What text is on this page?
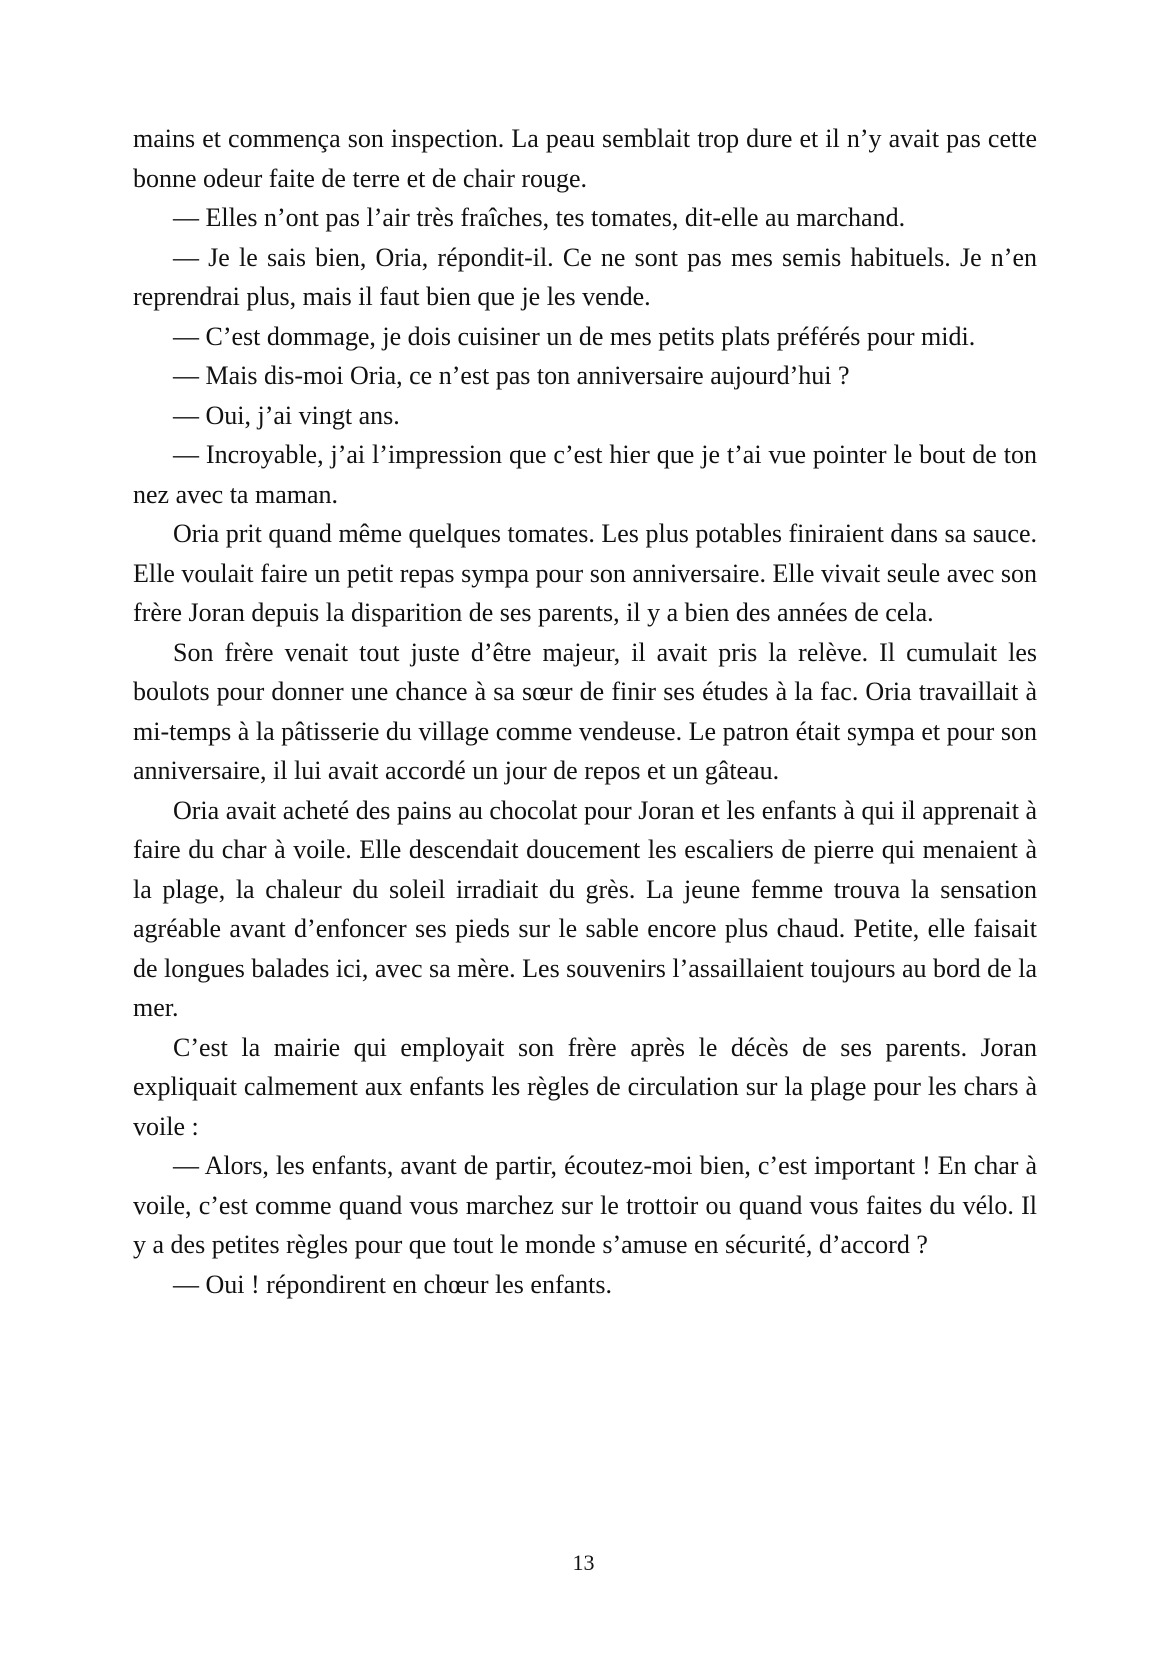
mains et commença son inspection. La peau semblait trop dure et il n’y avait pas cette bonne odeur faite de terre et de chair rouge.

— Elles n’ont pas l’air très fraîches, tes tomates, dit-elle au marchand.

— Je le sais bien, Oria, répondit-il. Ce ne sont pas mes semis habituels. Je n’en reprendrai plus, mais il faut bien que je les vende.

— C’est dommage, je dois cuisiner un de mes petits plats préférés pour midi.

— Mais dis-moi Oria, ce n’est pas ton anniversaire aujourd’hui ?

— Oui, j’ai vingt ans.

— Incroyable, j’ai l’impression que c’est hier que je t’ai vue pointer le bout de ton nez avec ta maman.

Oria prit quand même quelques tomates. Les plus potables finiraient dans sa sauce. Elle voulait faire un petit repas sympa pour son anniversaire. Elle vivait seule avec son frère Joran depuis la disparition de ses parents, il y a bien des années de cela.

Son frère venait tout juste d’être majeur, il avait pris la relève. Il cumulait les boulots pour donner une chance à sa sœur de finir ses études à la fac. Oria travaillait à mi-temps à la pâtisserie du village comme vendeuse. Le patron était sympa et pour son anniversaire, il lui avait accordé un jour de repos et un gâteau.

Oria avait acheté des pains au chocolat pour Joran et les enfants à qui il apprenait à faire du char à voile. Elle descendait doucement les escaliers de pierre qui menaient à la plage, la chaleur du soleil irradiait du grès. La jeune femme trouva la sensation agréable avant d’enfoncer ses pieds sur le sable encore plus chaud. Petite, elle faisait de longues balades ici, avec sa mère. Les souvenirs l’assaillaient toujours au bord de la mer.

C’est la mairie qui employait son frère après le décès de ses parents. Joran expliquait calmement aux enfants les règles de circulation sur la plage pour les chars à voile :

— Alors, les enfants, avant de partir, écoutez-moi bien, c’est important ! En char à voile, c’est comme quand vous marchez sur le trottoir ou quand vous faites du vélo. Il y a des petites règles pour que tout le monde s’amuse en sécurité, d’accord ?

— Oui ! répondirent en chœur les enfants.

13
